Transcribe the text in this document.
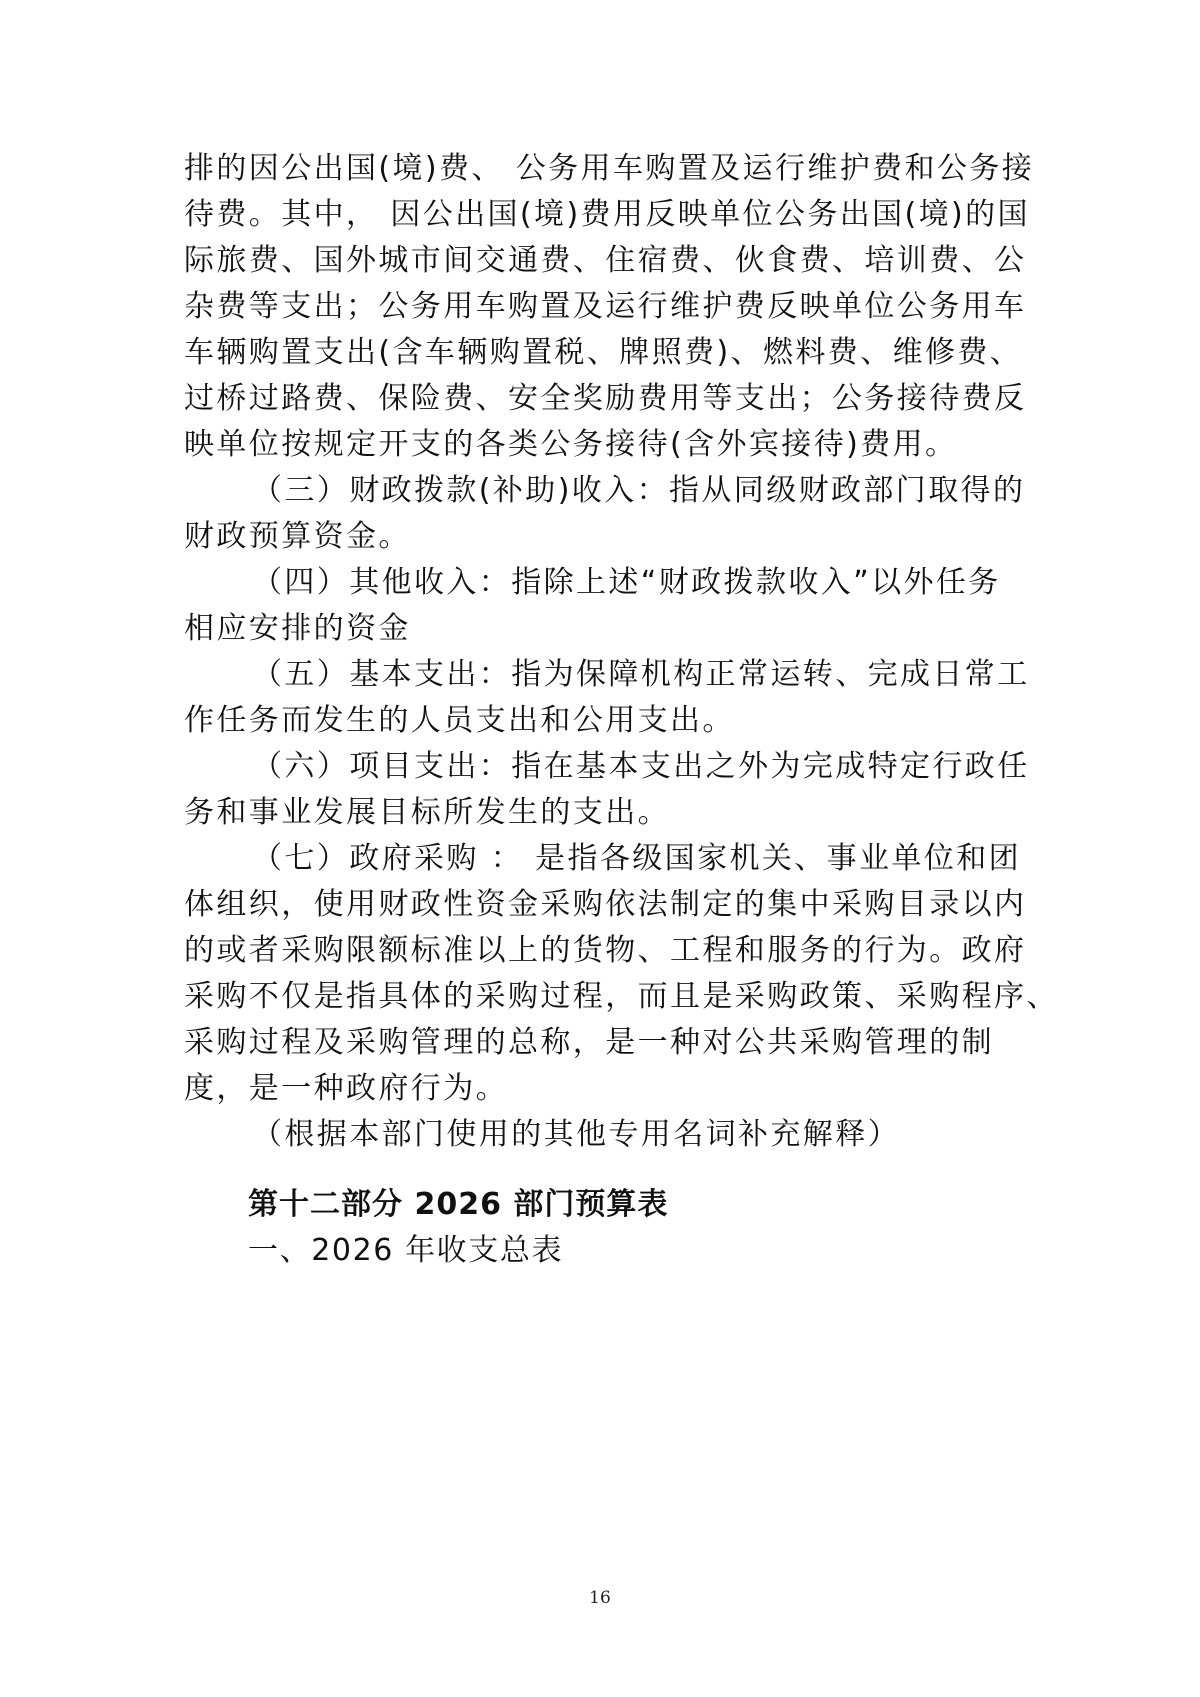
排的因公出国(境)费、 公务用车购置及运行维护费和公务接
待费。其中， 因公出国(境)费用反映单位公务出国(境)的国
际旅费、国外城市间交通费、住宿费、伙食费、培训费、公
杂费等支出；公务用车购置及运行维护费反映单位公务用车
车辆购置支出(含车辆购置税、牌照费)、燃料费、维修费、
过桥过路费、保险费、安全奖励费用等支出；公务接待费反
映单位按规定开支的各类公务接待(含外宾接待)费用。
（三）财政拨款(补助)收入：指从同级财政部门取得的
财政预算资金。
（四）其他收入：指除上述“财政拨款收入”以外任务
相应安排的资金
（五）基本支出：指为保障机构正常运转、完成日常工
作任务而发生的人员支出和公用支出。
（六）项目支出：指在基本支出之外为完成特定行政任
务和事业发展目标所发生的支出。
（七）政府采购 ： 是指各级国家机关、事业单位和团
体组织，使用财政性资金采购依法制定的集中采购目录以内
的或者采购限额标准以上的货物、工程和服务的行为。政府
采购不仅是指具体的采购过程，而且是采购政策、采购程序、
采购过程及采购管理的总称，是一种对公共采购管理的制
度，是一种政府行为。
（根据本部门使用的其他专用名词补充解释）
第十二部分 2026 部门预算表
一、2026 年收支总表
16
